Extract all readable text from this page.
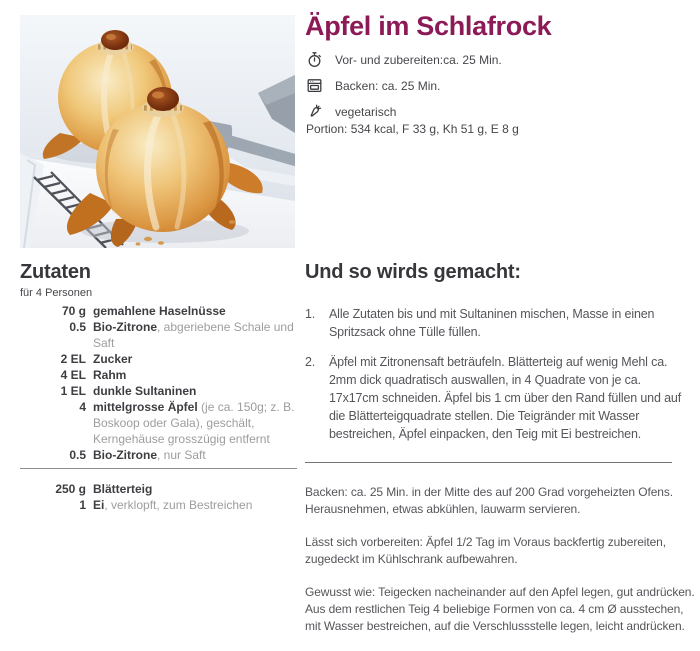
Äpfel im Schlafrock
Vor- und zubereiten:ca. 25 Min.
Backen: ca. 25 Min.
vegetarisch
Portion: 534 kcal, F 33 g, Kh 51 g, E 8 g
Zutaten
für 4 Personen
70 g gemahlene Haselnüsse
0.5 Bio-Zitrone, abgeriebene Schale und Saft
2 EL Zucker
4 EL Rahm
1 EL dunkle Sultaninen
4 mittelgrosse Äpfel (je ca. 150g; z. B. Boskoop oder Gala), geschält, Kerngehäuse grosszügig entfernt
0.5 Bio-Zitrone, nur Saft
250 g Blätterteig
1 Ei, verklopft, zum Bestreichen
Und so wirds gemacht:
1.	Alle Zutaten bis und mit Sultaninen mischen, Masse in einen Spritzsack ohne Tülle füllen.
2.	Äpfel mit Zitronensaft beträufeln. Blätterteig auf wenig Mehl ca. 2mm dick quadratisch auswallen, in 4 Quadrate von je ca. 17x17cm schneiden. Äpfel bis 1 cm über den Rand füllen und auf die Blätterteigquadrate stellen. Die Teigränder mit Wasser bestreichen, Äpfel einpacken, den Teig mit Ei bestreichen.

Backen: ca. 25 Min. in der Mitte des auf 200 Grad vorgeheizten Ofens. Herausnehmen, etwas abkühlen, lauwarm servieren.

Lässt sich vorbereiten: Äpfel 1/2 Tag im Voraus backfertig zubereiten, zugedeckt im Kühlschrank aufbewahren.

Gewusst wie: Teigecken nacheinander auf den Apfel legen, gut andrücken. Aus dem restlichen Teig 4 beliebige Formen von ca. 4 cm Ø ausstechen, mit Wasser bestreichen, auf die Verschlussstelle legen, leicht andrücken.
